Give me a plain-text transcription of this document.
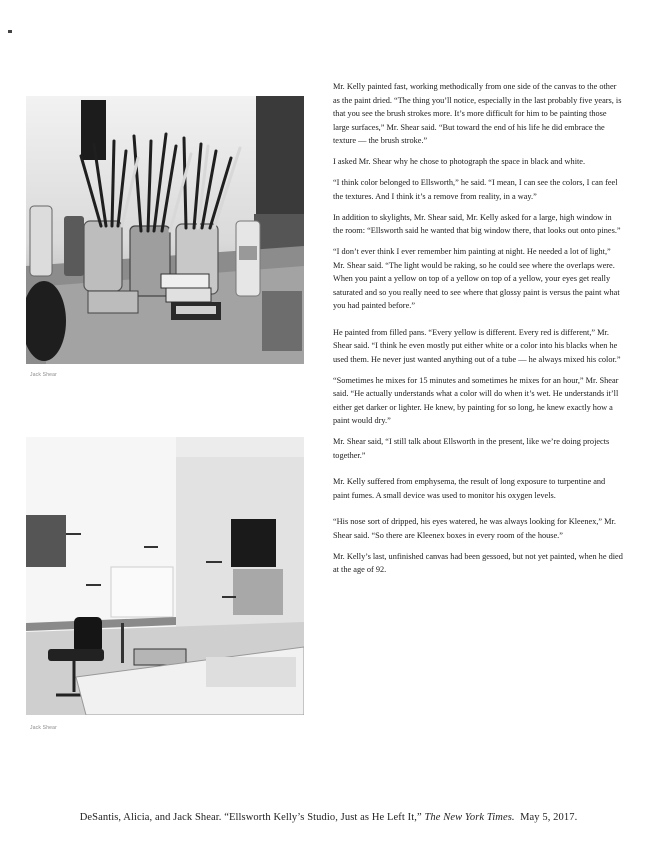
Jack Shear
Jack Shear

Mr. Kelly painted fast, working methodically from one side of the canvas to the other as the paint dried. “The thing you’ll notice, especially in the last probably five years, is that you see the brush strokes more. It’s more difficult for him to be painting those large surfaces,” Mr. Shear said. “But toward the end of his life he did embrace the texture — the brush stroke.”

I asked Mr. Shear why he chose to photograph the space in black and white.

“I think color belonged to Ellsworth,” he said. “I mean, I can see the colors, I can feel the textures. And I think it’s a remove from reality, in a way.”

In addition to skylights, Mr. Shear said, Mr. Kelly asked for a large, high window in the room: “Ellsworth said he wanted that big window there, that looks out onto pines.”

“I don’t ever think I ever remember him painting at night. He needed a lot of light,” Mr. Shear said. “The light would be raking, so he could see where the overlaps were. When you paint a yellow on top of a yellow on top of a yellow, your eyes get really saturated and so you really need to see where that glossy paint is versus the paint what you had painted before.”

He painted from filled pans. “Every yellow is different. Every red is different,” Mr. Shear said. “I think he even mostly put either white or a color into his blacks when he used them. He never just wanted anything out of a tube — he always mixed his color.”

“Sometimes he mixes for 15 minutes and sometimes he mixes for an hour,” Mr. Shear said. “He actually understands what a color will do when it’s wet. He understands it’ll either get darker or lighter. He knew, by painting for so long, he knew exactly how a paint would dry.”

Mr. Shear said, “I still talk about Ellsworth in the present, like we’re doing projects together.”

Mr. Kelly suffered from emphysema, the result of long exposure to turpentine and paint fumes. A small device was used to monitor his oxygen levels.

“His nose sort of dripped, his eyes watered, he was always looking for Kleenex,” Mr. Shear said. “So there are Kleenex boxes in every room of the house.”

Mr. Kelly’s last, unfinished canvas had been gessoed, but not yet painted, when he died at the age of 92.

DeSantis, Alicia, and Jack Shear. “Ellsworth Kelly’s Studio, Just as He Left It,” The New York Times. May 5, 2017.
